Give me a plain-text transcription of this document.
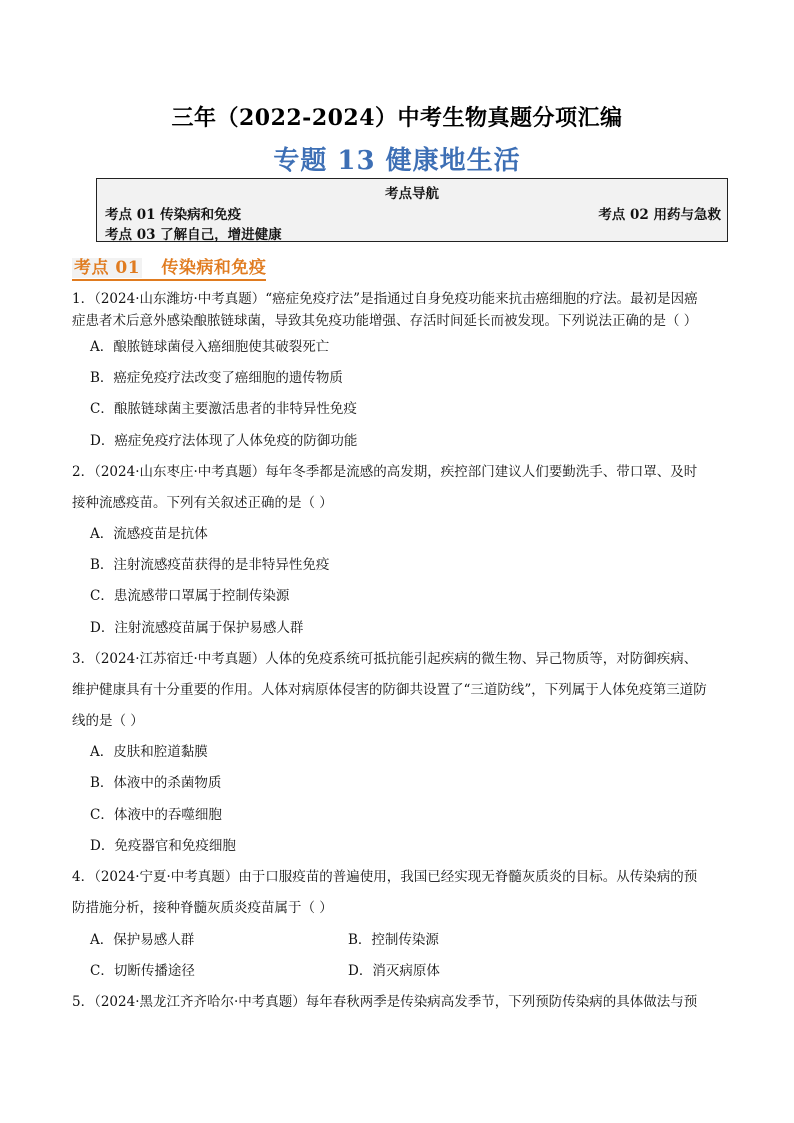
三年（2022-2024）中考生物真题分项汇编
专题 13 健康地生活
考点导航
考点 01 传染病和免疫	考点 02 用药与急救
考点 03 了解自己，增进健康
考点 01 传染病和免疫
1．（2024·山东潍坊·中考真题）“癌症免疫疗法”是指通过自身免疫功能来抗击癌细胞的疗法。最初是因癌
症患者术后意外感染酿脓链球菌，导致其免疫功能增强、存活时间延长而被发现。下列说法正确的是（ ）
A．酿脓链球菌侵入癌细胞使其破裂死亡
B．癌症免疫疗法改变了癌细胞的遗传物质
C．酿脓链球菌主要激活患者的非特异性免疫
D．癌症免疫疗法体现了人体免疫的防御功能
2．（2024·山东枣庄·中考真题）每年冬季都是流感的高发期，疾控部门建议人们要勤洗手、带口罩、及时
接种流感疫苗。下列有关叙述正确的是（ ）
A．流感疫苗是抗体
B．注射流感疫苗获得的是非特异性免疫
C．患流感带口罩属于控制传染源
D．注射流感疫苗属于保护易感人群
3．（2024·江苏宿迁·中考真题）人体的免疫系统可抵抗能引起疾病的微生物、异己物质等，对防御疾病、
维护健康具有十分重要的作用。人体对病原体侵害的防御共设置了“三道防线”，下列属于人体免疫第三道防
线的是（ ）
A．皮肤和腔道黏膜
B．体液中的杀菌物质
C．体液中的吞噬细胞
D．免疫器官和免疫细胞
4．（2024·宁夏·中考真题）由于口服疫苗的普遍使用，我国已经实现无脊髓灰质炎的目标。从传染病的预
防措施分析，接种脊髓灰质炎疫苗属于（ ）
A．保护易感人群	B．控制传染源
C．切断传播途径	D．消灭病原体
5．（2024·黑龙江齐齐哈尔·中考真题）每年春秋两季是传染病高发季节，下列预防传染病的具体做法与预
